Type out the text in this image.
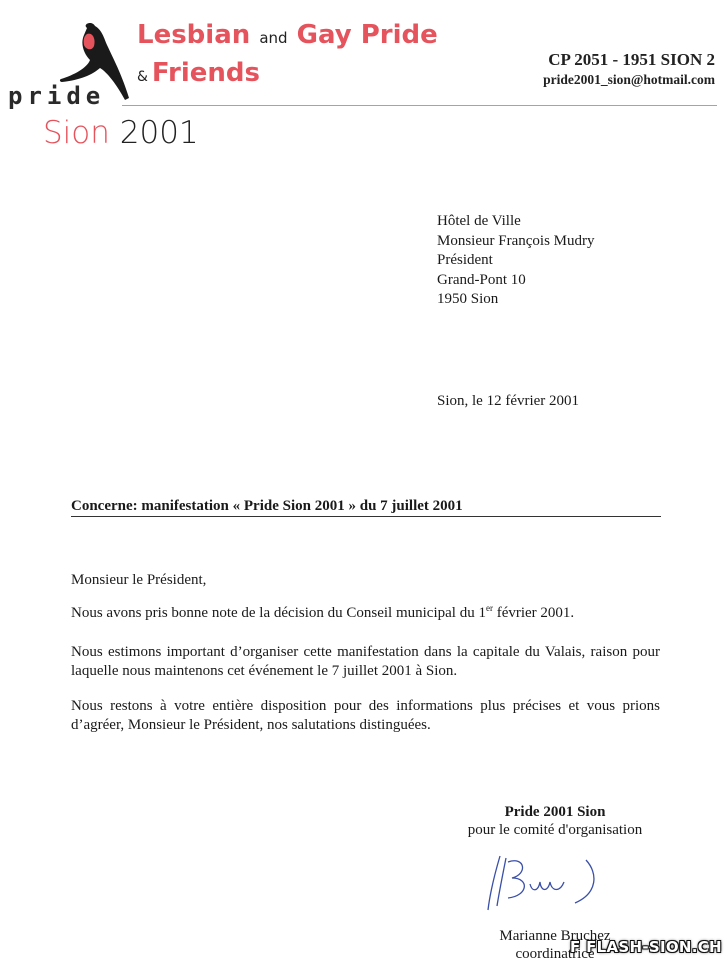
pride
Lesbian and Gay Pride
& Friends
Sion 2001
CP 2051 - 1951 SION 2
pride2001_sion@hotmail.com
Hôtel de Ville
Monsieur François Mudry
Président
Grand-Pont 10
1950 Sion
Sion, le 12 février 2001
Concerne: manifestation « Pride Sion 2001 » du 7 juillet 2001
Monsieur le Président,
Nous avons pris bonne note de la décision du Conseil municipal du 1er février 2001.
Nous estimons important d’organiser cette manifestation dans la capitale du Valais, raison pour laquelle nous maintenons cet événement le 7 juillet 2001 à Sion.
Nous restons à votre entière disposition pour des informations plus précises et vous prions d’agréer, Monsieur le Président, nos salutations distinguées.
Pride 2001 Sion
pour le comité d'organisation
Marianne Bruchez
coordinatrice
F FLASH-SION.CH
